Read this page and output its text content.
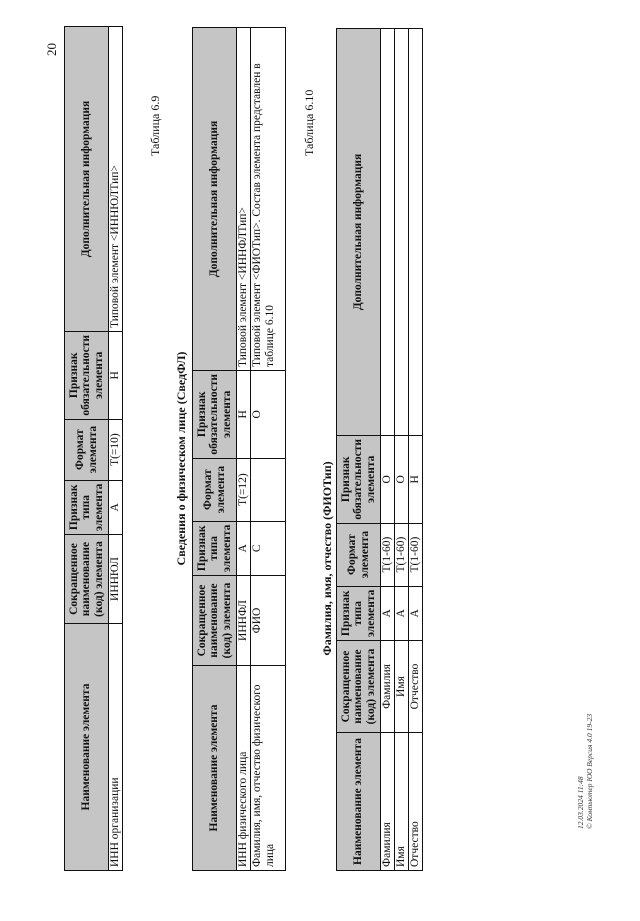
20
Наименование элемента	Сокращенное наименование (код) элемента	Признак типа элемента	Формат элемента	Признак обязательности элемента	Дополнительная информация
ИНН организации	ИННЮЛ	А	T(=10)	Н	Типовой элемент <ИННЮЛТип>
Таблица 6.9
Сведения о физическом лице (СведФЛ)
Наименование элемента	Сокращенное наименование (код) элемента	Признак типа элемента	Формат элемента	Признак обязательности элемента	Дополнительная информация
ИНН физического лица	ИННФЛ	А	T(=12)	Н	Типовой элемент <ИННФЛТип>
Фамилия, имя, отчество физического лица	ФИО	С		О	Типовой элемент <ФИОТип>. Состав элемента представлен в таблице 6.10
Таблица 6.10
Фамилия, имя, отчество (ФИОТип)
Наименование элемента	Сокращенное наименование (код) элемента	Признак типа элемента	Формат элемента	Признак обязательности элемента	Дополнительная информация
Фамилия	Фамилия	А	T(1-60)	О	
Имя	Имя	А	T(1-60)	О	
Отчество	Отчество	А	T(1-60)	Н	
12.03.2024 11:48 © Компьютер ЮО Версия 4.0 19-23
